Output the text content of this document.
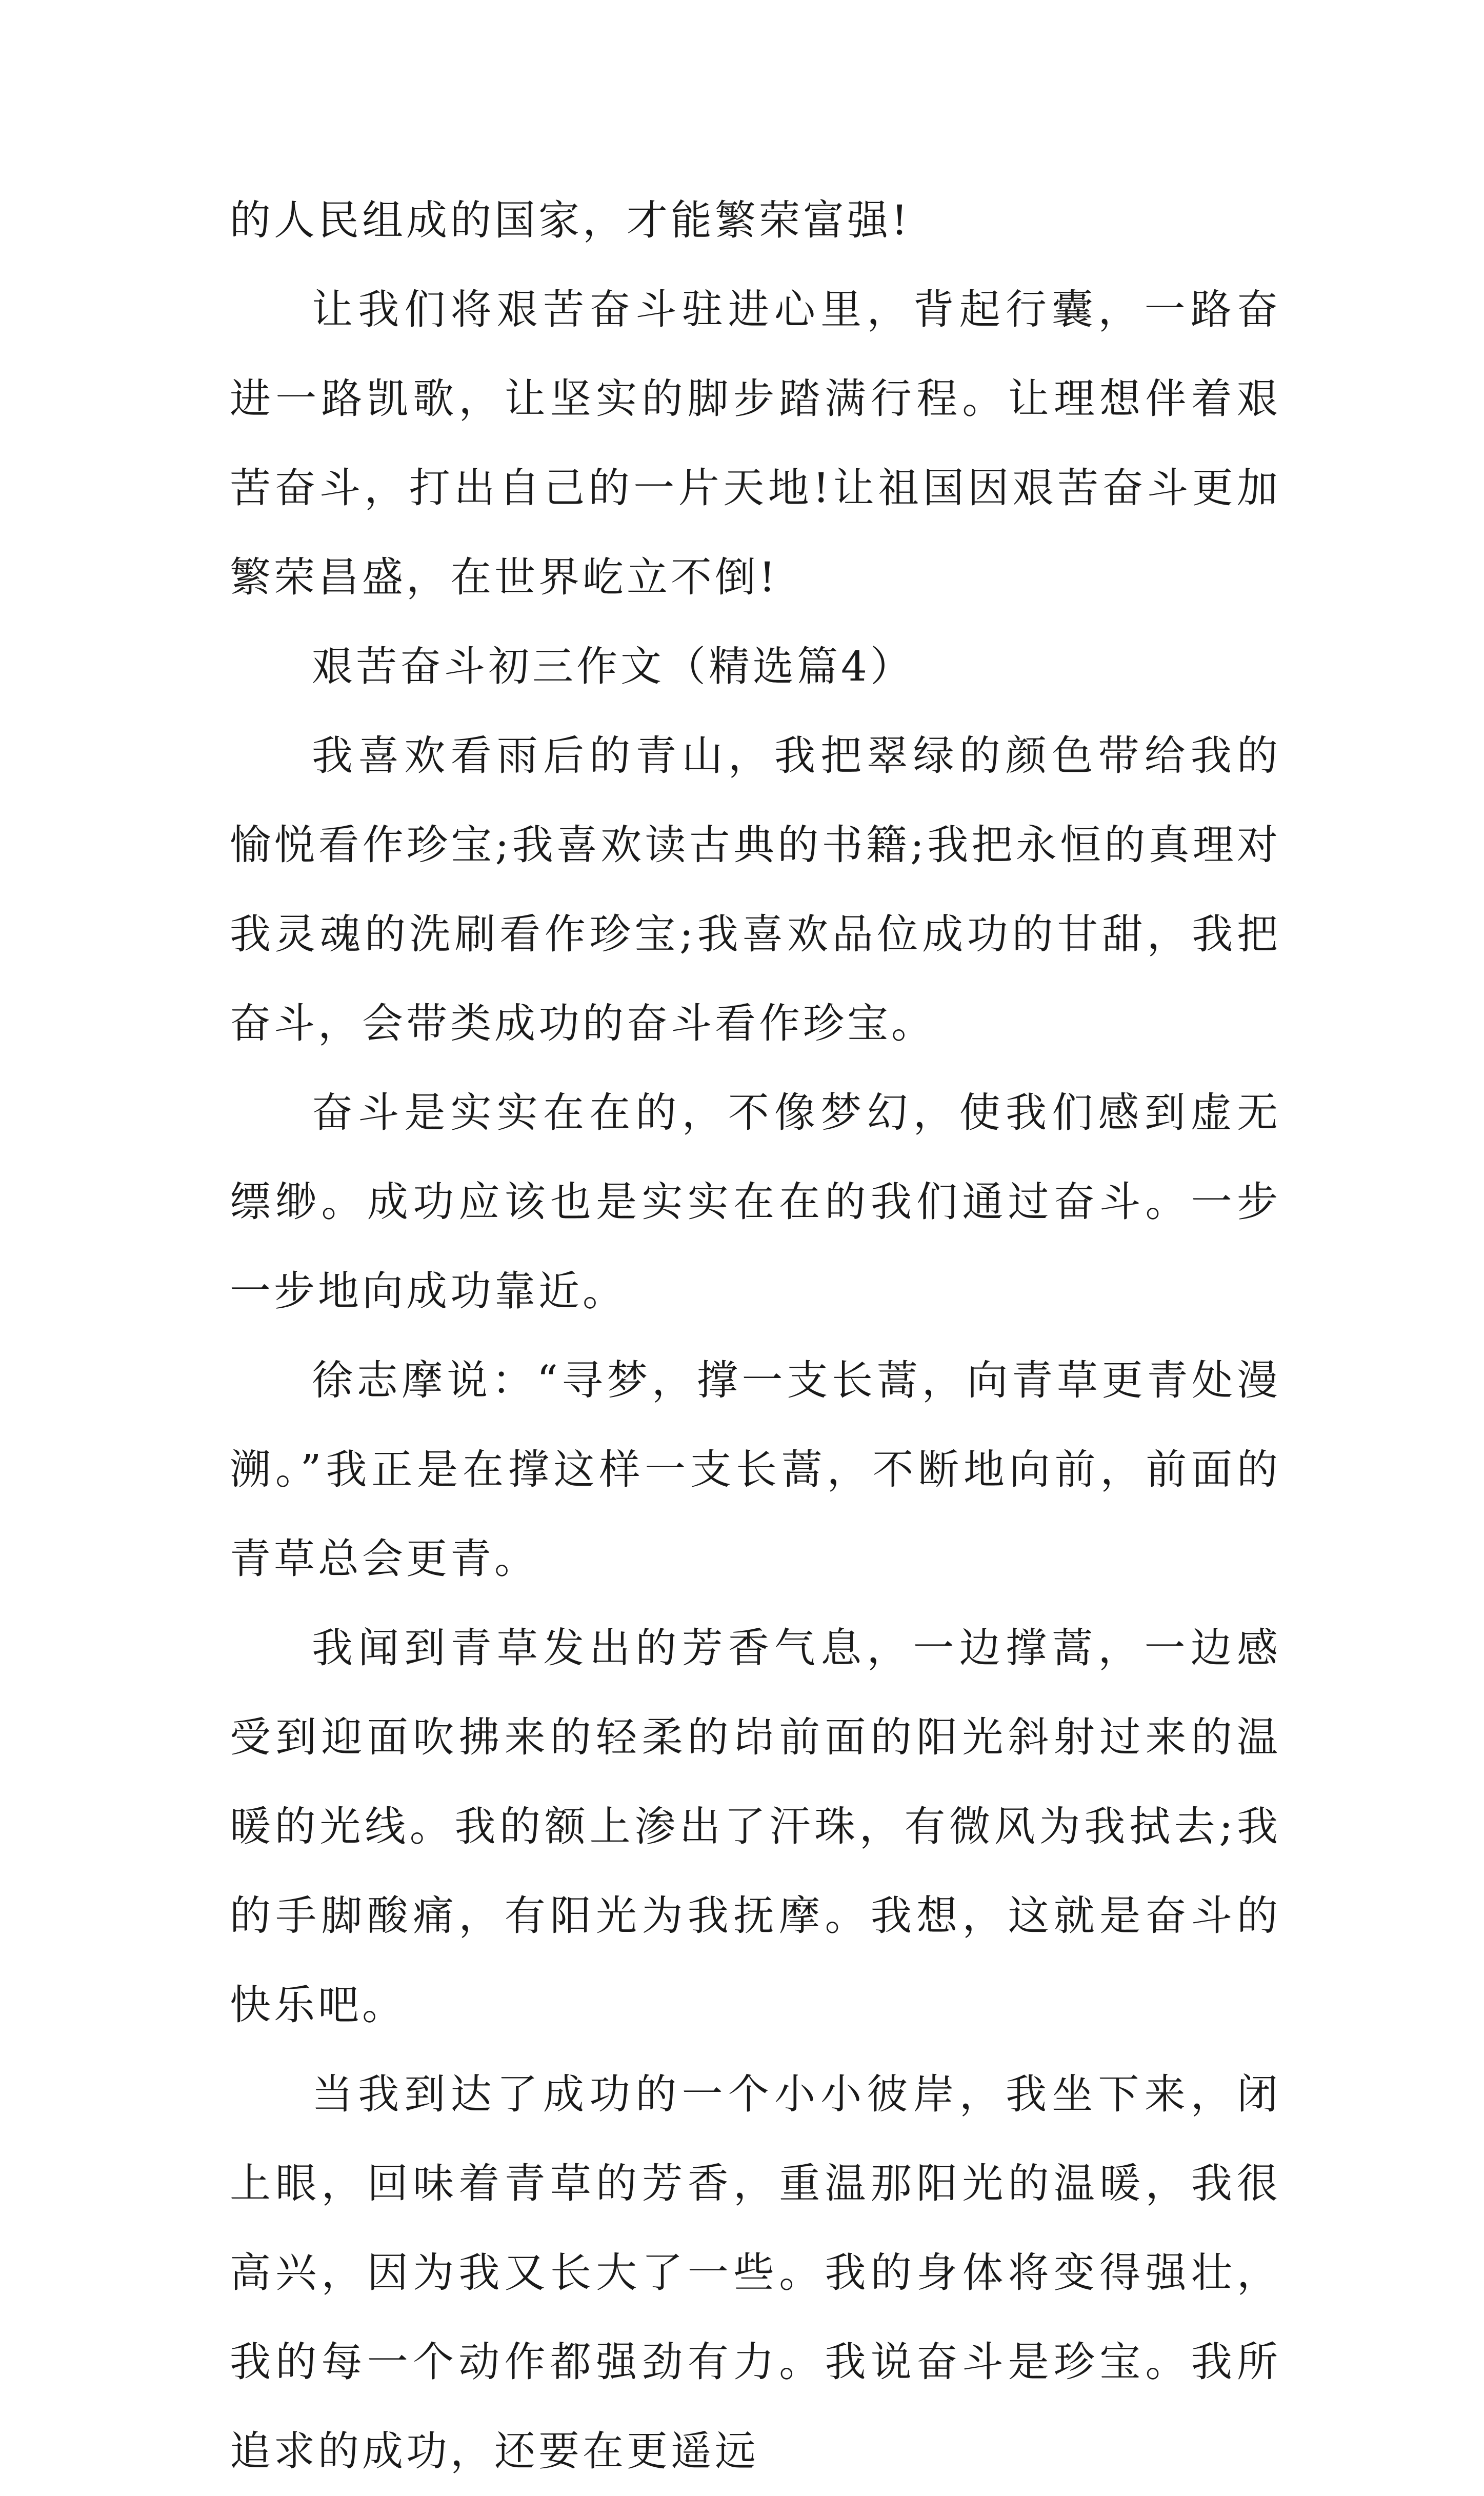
的人民组成的国家，才能繁荣富强!

让我们将艰苦奋斗驻进心里，背起行囊，一路奋进一路凯歌，让坚实的脚步踏满行程。让理想伴着艰苦奋斗，打出自己的一片天地!让祖国因艰苦奋斗更加繁荣昌盛，在世界屹立不倒!

艰苦奋斗初三作文（精选篇4）

我喜欢看雨后的青山，我把翠绿的颜色带给我的愉悦看作珍宝;我喜欢读古典的书籍;我把永恒的真理对我灵魂的洗刷看作珍宝;我喜欢品位成功的甘甜，我把奋斗，会带类成功的奋斗看作珍宝。

奋斗是实实在在的，不像梦幻，使我们感到虚无缥缈。成功应该也是实实在在的我们通过奋斗。一步一步地向成功靠近。

徐志摩说：“寻梦，撑一支长蒿，向青草更青处漫溯。”我正是在撑这样一支长蒿，不断地向前，前面的青草总会更青。

我闻到青草发出的芳香气息，一边撑蒿，一边感受到迎面吹拂来的轻柔的岇前面的阳光斜射过来的温暖的光线。我的额上渗出了汗珠，有微风为我拭去;我的手脚酸痛，有阳光为我抚摩。我想，这就是奋斗的快乐吧。

当我到达了成功的一个小小彼岸，我坐下来，闭上眼，回味着青草的芳香，重温那阳光的温暖，我很高兴，因为我又长大了一些。我的身体将变得强壮，我的每一个动作都强劲有力。我说奋斗是珍宝。我所追求的成功，还要在更遥远
